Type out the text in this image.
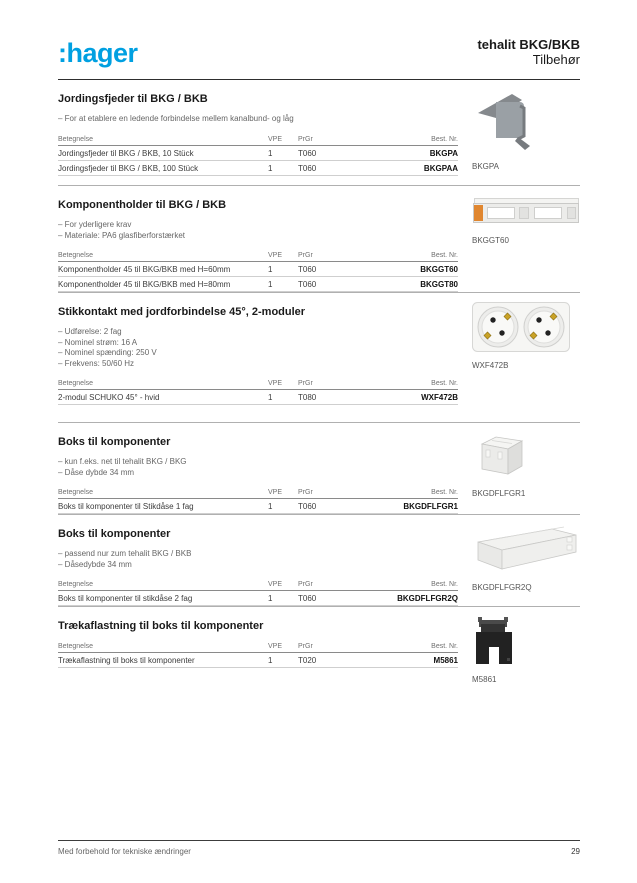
:hager	tehalit BKG/BKB
Tilbehør
Jordingsfjeder til BKG / BKB
– For at etablere en ledende forbindelse mellem kanalbund- og låg
Betegnelse	VPE	PrGr	Best. Nr.
Jordingsfjeder til BKG / BKB, 10 Stück	1	T060	BKGPA
Jordingsfjeder til BKG / BKB, 100 Stück	1	T060	BKGPAA BKGPA
Komponentholder til BKG / BKB
– For yderligere krav
– Materiale: PA6 glasfiberforstærket
Betegnelse	VPE	PrGr	Best. Nr.
Komponentholder 45 til BKG/BKB med H=60mm	1	T060	BKGGT60
Komponentholder 45 til BKG/BKB med H=80mm	1	T060	BKGGT80
BKGGT60
Stikkontakt med jordforbindelse 45°, 2-moduler
– Udførelse: 2 fag
– Nominel strøm: 16 A
– Nominel spænding: 250 V
– Frekvens: 50/60 Hz
Betegnelse	VPE	PrGr	Best. Nr.
2-modul SCHUKO 45° - hvid	1	T080	WXF472B
WXF472B
Boks til komponenter
– kun f.eks. net til tehalit BKG / BKG
– Dåse dybde 34 mm
Betegnelse	VPE	PrGr	Best. Nr.
Boks til komponenter til Stikdåse 1 fag	1	T060	BKGDFLFGR1
BKGDFLFGR1
Boks til komponenter
– passend nur zum tehalit BKG / BKB
– Dåsedybde 34 mm
Betegnelse	VPE	PrGr	Best. Nr.
Boks til komponenter til stikdåse 2 fag	1	T060	BKGDFLFGR2Q
BKGDFLFGR2Q
Trækaflastning til boks til komponenter
Betegnelse	VPE	PrGr	Best. Nr.
Trækaflastning til boks til komponenter	1	T020	M5861
M5861
Med forbehold for tekniske ændringer	29
